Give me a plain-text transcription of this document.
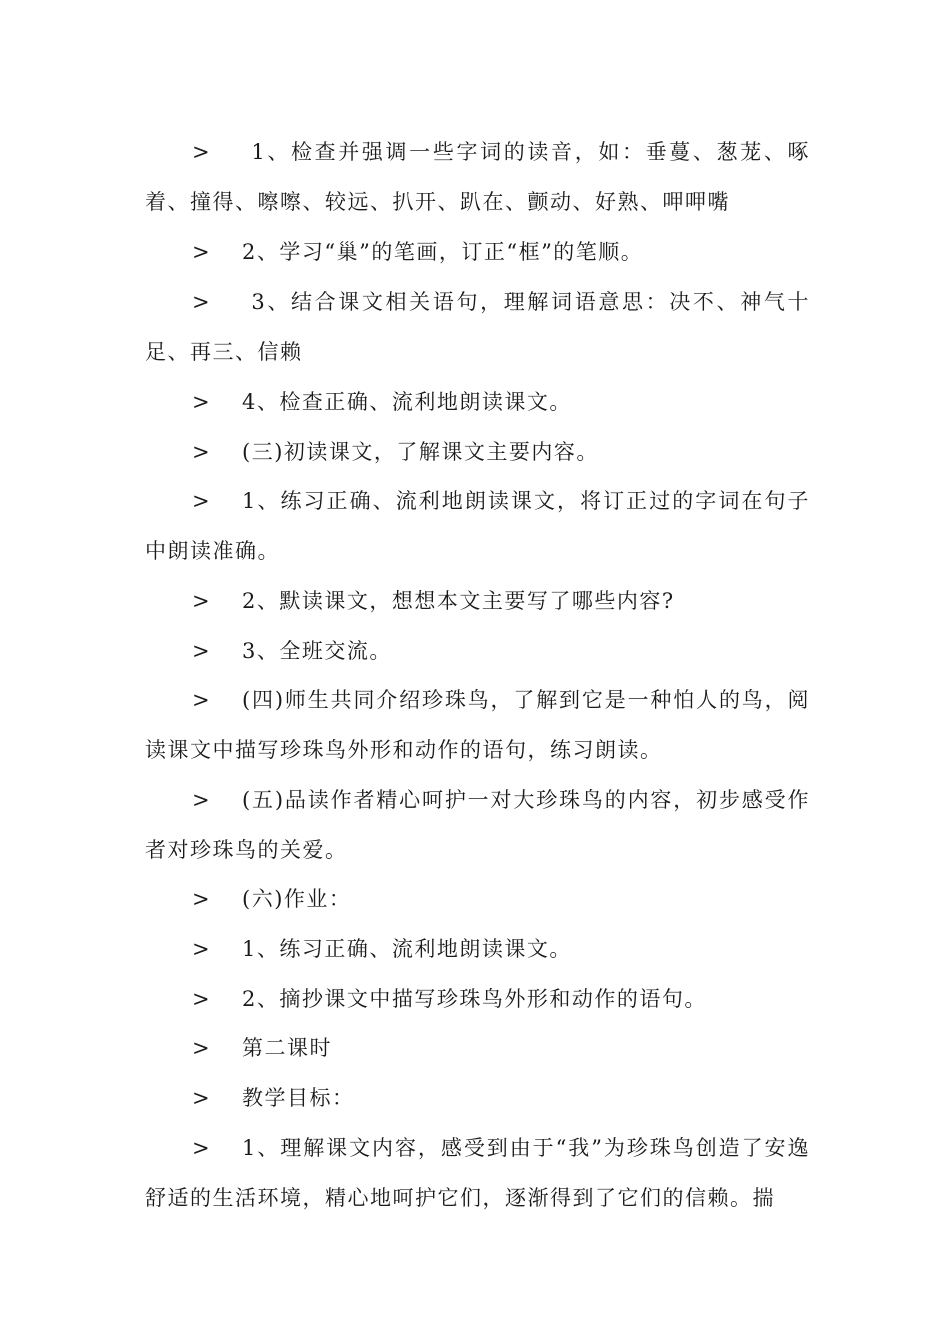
> 1、检查并强调一些字词的读音，如：垂蔓、葱茏、啄着、撞得、嚓嚓、较远、扒开、趴在、颤动、好熟、呷呷嘴

> 2、学习“巢”的笔画，订正“框”的笔顺。

> 3、结合课文相关语句，理解词语意思：决不、神气十足、再三、信赖

> 4、检查正确、流利地朗读课文。

> (三)初读课文，了解课文主要内容。

> 1、练习正确、流利地朗读课文，将订正过的字词在句子中朗读准确。

> 2、默读课文，想想本文主要写了哪些内容?

> 3、全班交流。

> (四)师生共同介绍珍珠鸟，了解到它是一种怕人的鸟，阅读课文中描写珍珠鸟外形和动作的语句，练习朗读。

> (五)品读作者精心呵护一对大珍珠鸟的内容，初步感受作者对珍珠鸟的关爱。

> (六)作业：

> 1、练习正确、流利地朗读课文。

> 2、摘抄课文中描写珍珠鸟外形和动作的语句。

> 第二课时

> 教学目标：

> 1、理解课文内容，感受到由于“我”为珍珠鸟创造了安逸舒适的生活环境，精心地呵护它们，逐渐得到了它们的信赖。揣
